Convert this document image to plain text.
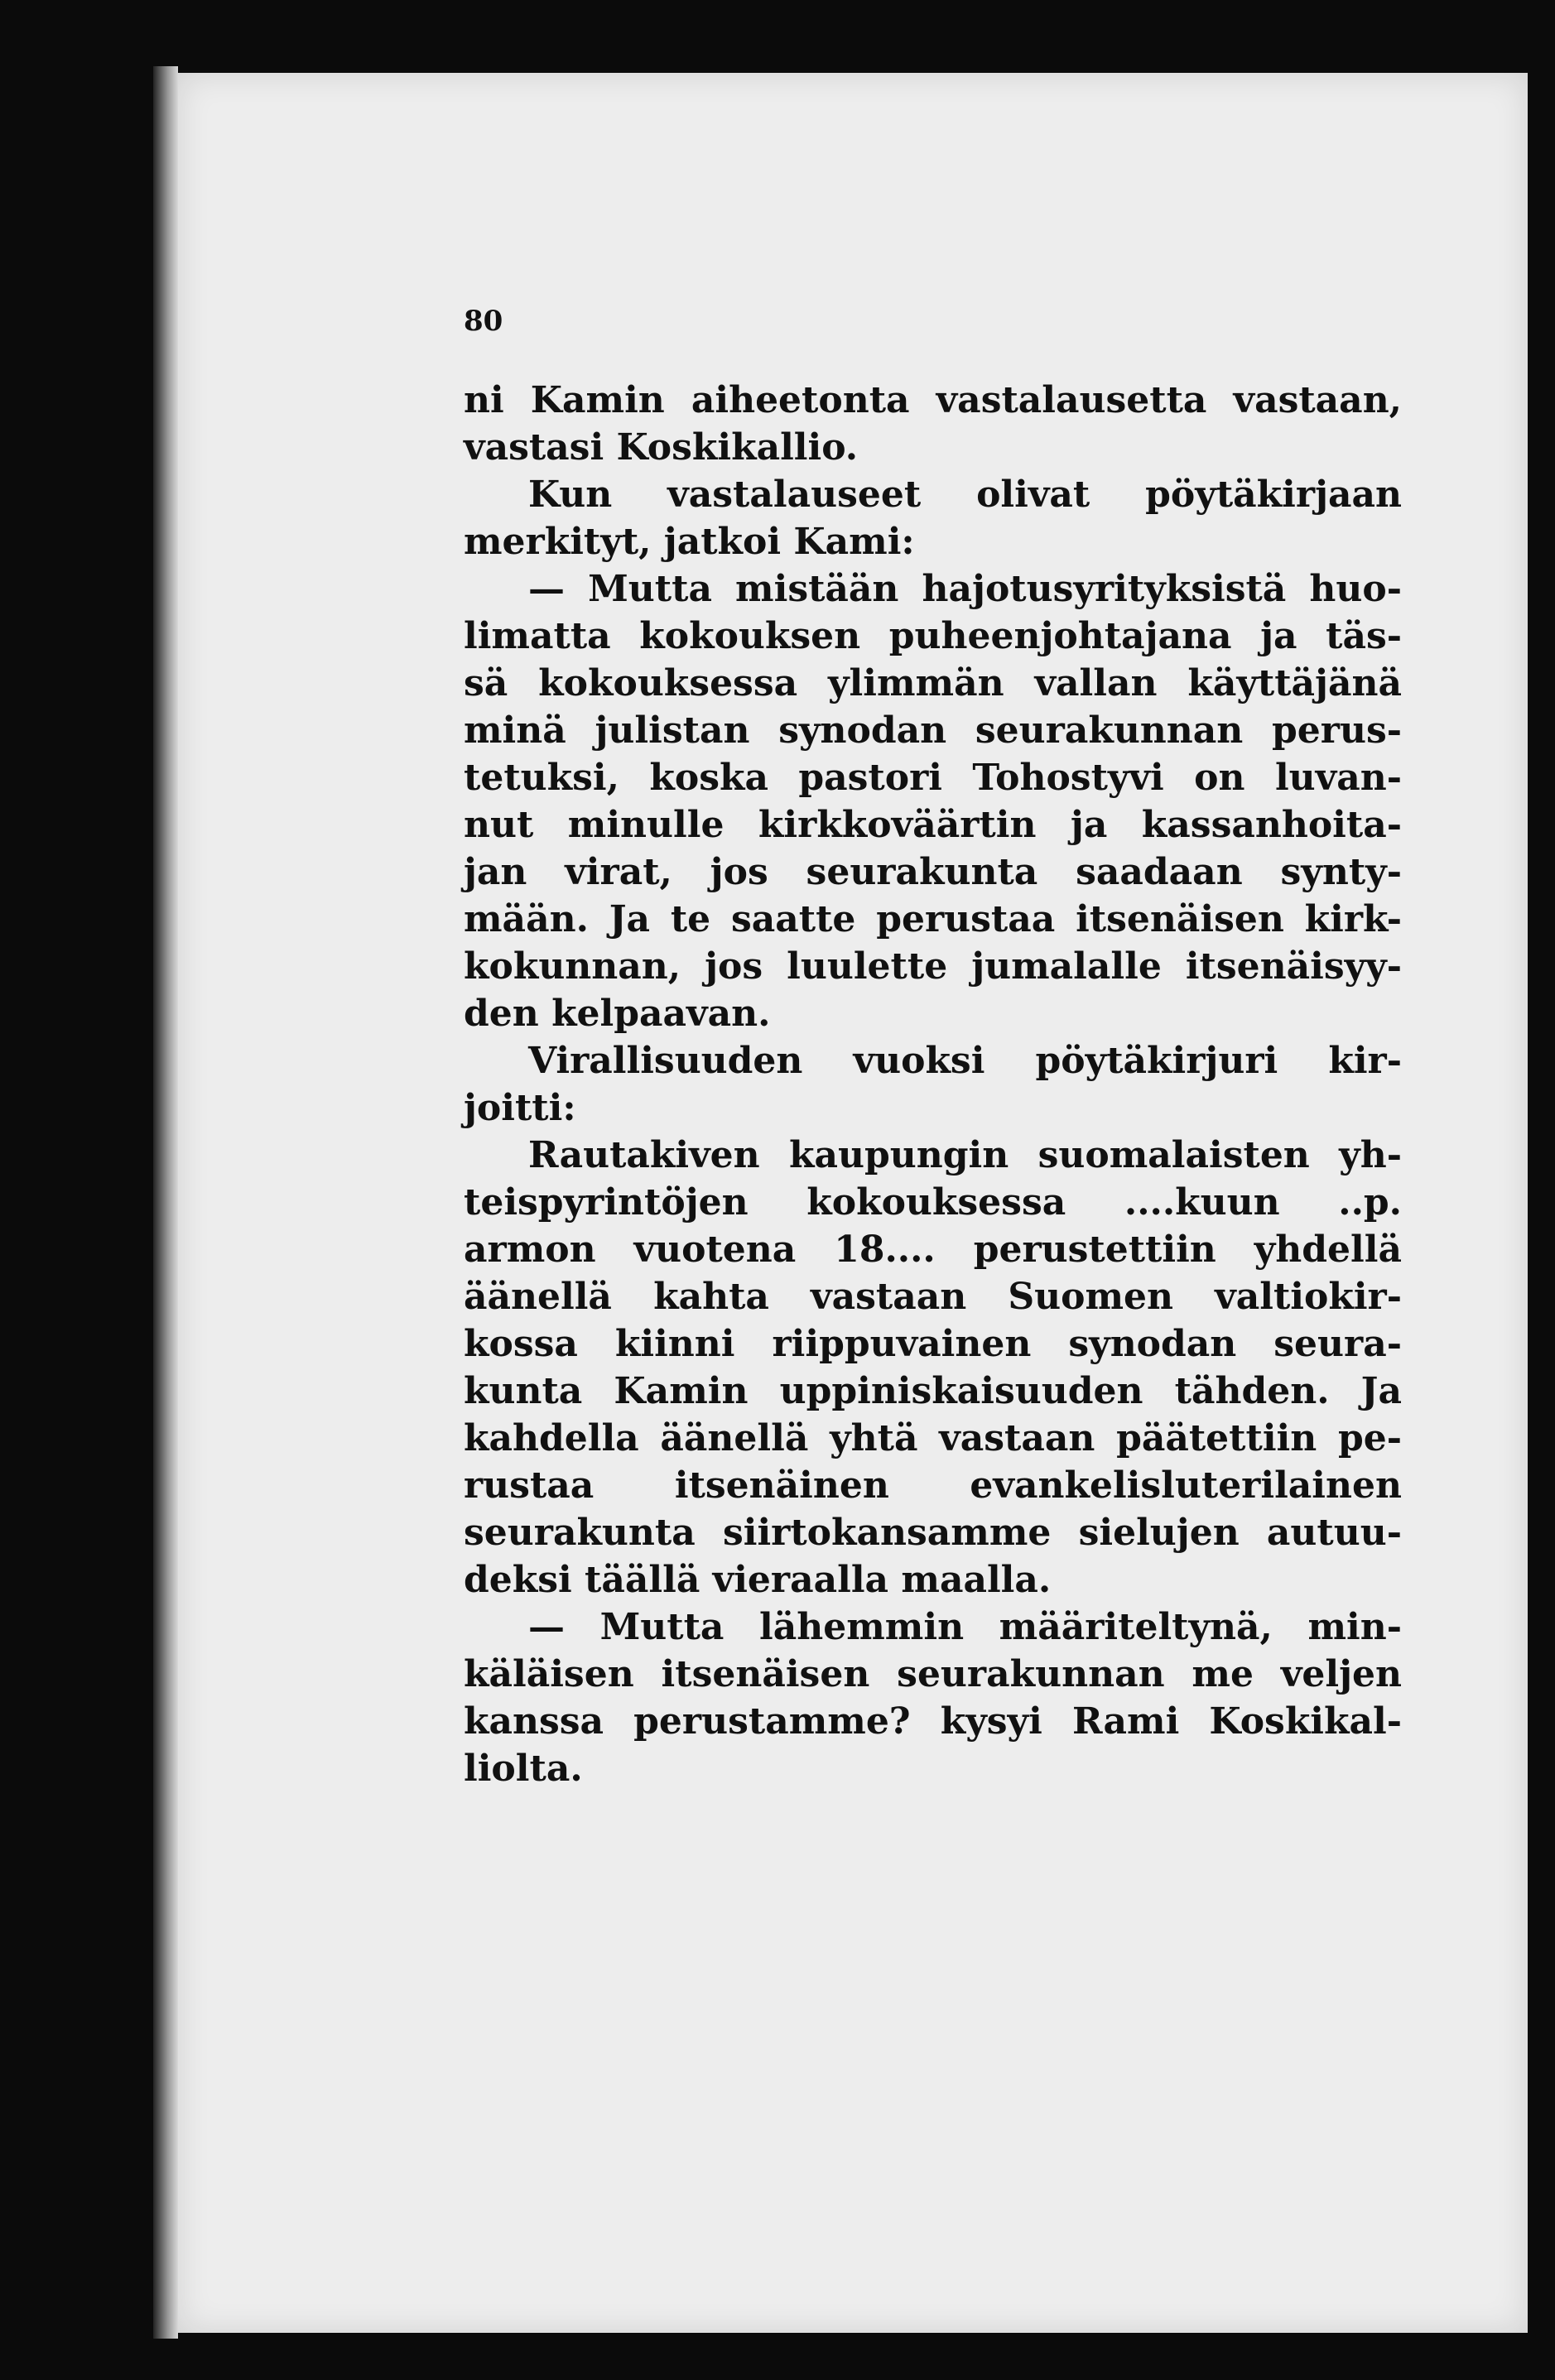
80
ni Kamin aiheetonta vastalausetta vastaan,
vastasi Koskikallio.
Kun vastalauseet olivat pöytäkirjaan
merkityt, jatkoi Kami:
— Mutta mistään hajotusyrityksistä huo-
limatta kokouksen puheenjohtajana ja täs-
sä kokouksessa ylimmän vallan käyttäjänä
minä julistan synodan seurakunnan perus-
tetuksi, koska pastori Tohostyvi on luvan-
nut minulle kirkkoväärtin ja kassanhoita-
jan virat, jos seurakunta saadaan synty-
mään. Ja te saatte perustaa itsenäisen kirk-
kokunnan, jos luulette jumalalle itsenäisyy-
den kelpaavan.
Virallisuuden vuoksi pöytäkirjuri kir-
joitti:
Rautakiven kaupungin suomalaisten yh-
teispyrintöjen kokouksessa ....kuun ..p.
armon vuotena 18.... perustettiin yhdellä
äänellä kahta vastaan Suomen valtiokir-
kossa kiinni riippuvainen synodan seura-
kunta Kamin uppiniskaisuuden tähden. Ja
kahdella äänellä yhtä vastaan päätettiin pe-
rustaa itsenäinen evankelisluterilainen
seurakunta siirtokansamme sielujen autuu-
deksi täällä vieraalla maalla.
— Mutta lähemmin määriteltynä, min-
käläisen itsenäisen seurakunnan me veljen
kanssa perustamme? kysyi Rami Koskikal-
liolta.
